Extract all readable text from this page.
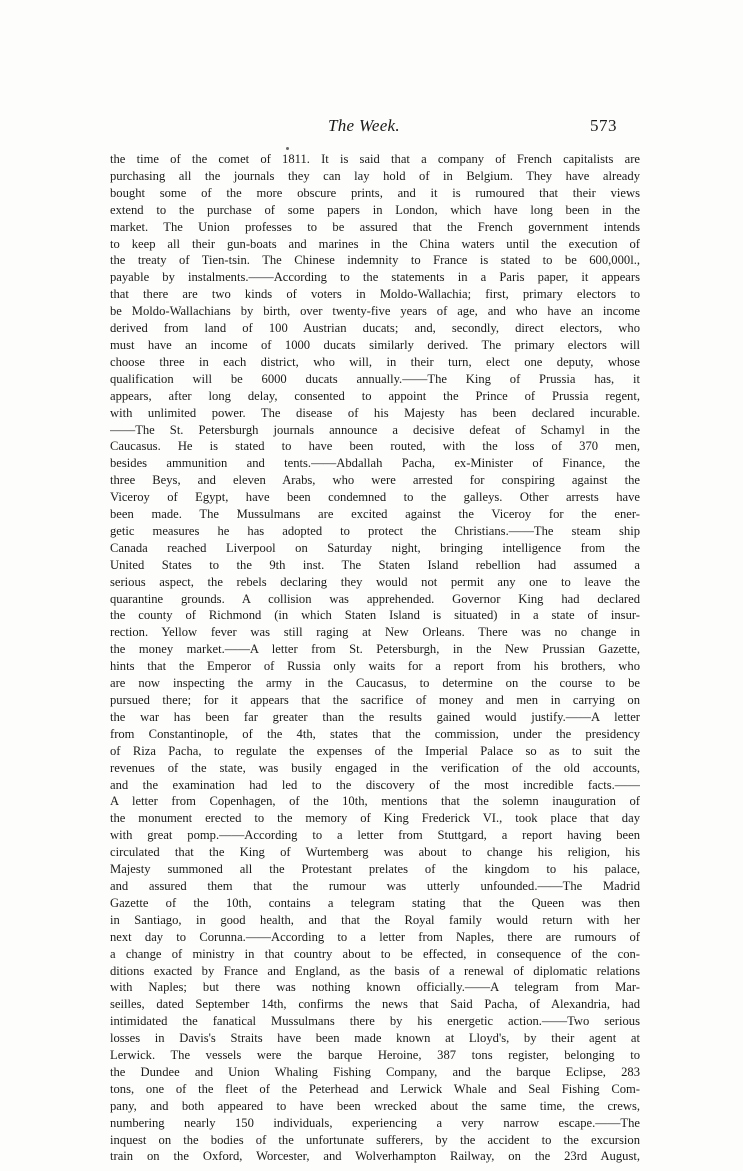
The Week.	573
the time of the comet of 1811. It is said that a company of French capitalists are
purchasing all the journals they can lay hold of in Belgium. They have already
bought some of the more obscure prints, and it is rumoured that their views
extend to the purchase of some papers in London, which have long been in the
market. The Union professes to be assured that the French government intends
to keep all their gun-boats and marines in the China waters until the execution of
the treaty of Tien-tsin. The Chinese indemnity to France is stated to be 600,000l.,
payable by instalments.——According to the statements in a Paris paper, it appears
that there are two kinds of voters in Moldo-Wallachia; first, primary electors to
be Moldo-Wallachians by birth, over twenty-five years of age, and who have an income
derived from land of 100 Austrian ducats; and, secondly, direct electors, who
must have an income of 1000 ducats similarly derived. The primary electors will
choose three in each district, who will, in their turn, elect one deputy, whose
qualification will be 6000 ducats annually.——The King of Prussia has, it
appears, after long delay, consented to appoint the Prince of Prussia regent,
with unlimited power. The disease of his Majesty has been declared incurable.
——The St. Petersburgh journals announce a decisive defeat of Schamyl in the
Caucasus. He is stated to have been routed, with the loss of 370 men,
besides ammunition and tents.——Abdallah Pacha, ex-Minister of Finance, the
three Beys, and eleven Arabs, who were arrested for conspiring against the
Viceroy of Egypt, have been condemned to the galleys. Other arrests have
been made. The Mussulmans are excited against the Viceroy for the ener-
getic measures he has adopted to protect the Christians.——The steam ship
Canada reached Liverpool on Saturday night, bringing intelligence from the
United States to the 9th inst. The Staten Island rebellion had assumed a
serious aspect, the rebels declaring they would not permit any one to leave the
quarantine grounds. A collision was apprehended. Governor King had declared
the county of Richmond (in which Staten Island is situated) in a state of insur-
rection. Yellow fever was still raging at New Orleans. There was no change in
the money market.——A letter from St. Petersburgh, in the New Prussian Gazette,
hints that the Emperor of Russia only waits for a report from his brothers, who
are now inspecting the army in the Caucasus, to determine on the course to be
pursued there; for it appears that the sacrifice of money and men in carrying on
the war has been far greater than the results gained would justify.——A letter
from Constantinople, of the 4th, states that the commission, under the presidency
of Riza Pacha, to regulate the expenses of the Imperial Palace so as to suit the
revenues of the state, was busily engaged in the verification of the old accounts,
and the examination had led to the discovery of the most incredible facts.——
A letter from Copenhagen, of the 10th, mentions that the solemn inauguration of
the monument erected to the memory of King Frederick VI., took place that day
with great pomp.——According to a letter from Stuttgard, a report having been
circulated that the King of Wurtemberg was about to change his religion, his
Majesty summoned all the Protestant prelates of the kingdom to his palace,
and assured them that the rumour was utterly unfounded.——The Madrid
Gazette of the 10th, contains a telegram stating that the Queen was then
in Santiago, in good health, and that the Royal family would return with her
next day to Corunna.——According to a letter from Naples, there are rumours of
a change of ministry in that country about to be effected, in consequence of the con-
ditions exacted by France and England, as the basis of a renewal of diplomatic relations
with Naples; but there was nothing known officially.——A telegram from Mar-
seilles, dated September 14th, confirms the news that Said Pacha, of Alexandria, had
intimidated the fanatical Mussulmans there by his energetic action.——Two serious
losses in Davis's Straits have been made known at Lloyd's, by their agent at
Lerwick. The vessels were the barque Heroine, 387 tons register, belonging to
the Dundee and Union Whaling Fishing Company, and the barque Eclipse, 283
tons, one of the fleet of the Peterhead and Lerwick Whale and Seal Fishing Com-
pany, and both appeared to have been wrecked about the same time, the crews,
numbering nearly 150 individuals, experiencing a very narrow escape.——The
inquest on the bodies of the unfortunate sufferers, by the accident to the excursion
train on the Oxford, Worcester, and Wolverhampton Railway, on the 23rd August,
